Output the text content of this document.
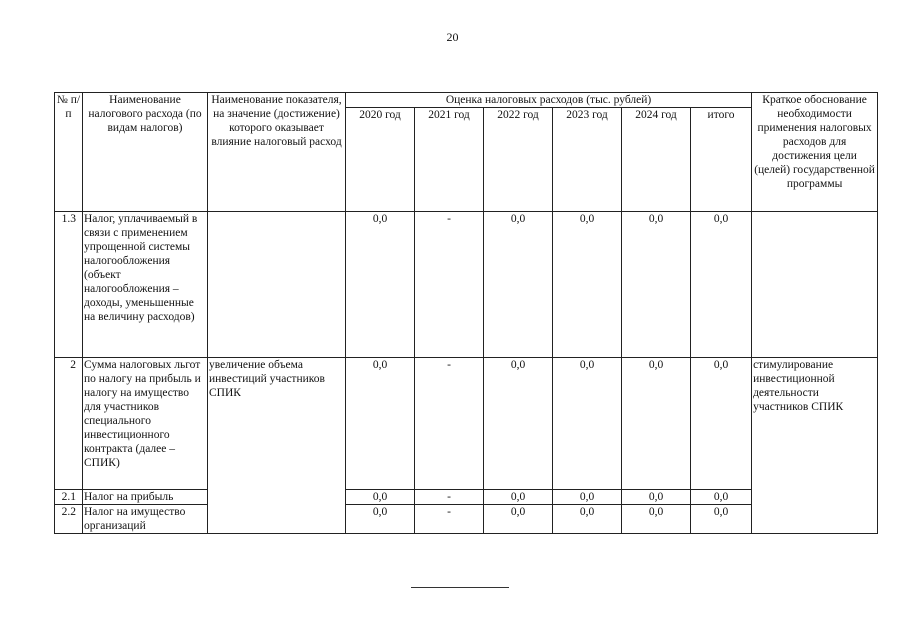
20
№ п/п	Наименование налогового расхода (по видам налогов)	Наименование показателя, на значение (достижение) которого оказывает влияние налоговый расход	Оценка налоговых расходов (тыс. рублей)						Краткое обоснование необходимости применения налоговых расходов для достижения цели (целей) государственной программы
			2020 год	2021 год	2022 год	2023 год	2024 год	итого	
1.3	Налог, уплачиваемый в связи с применением упрощенной системы налогообложения (объект налогообложения – доходы, уменьшенные на величину расходов)		0,0	-	0,0	0,0	0,0	0,0	
2	Сумма налоговых льгот по налогу на прибыль и налогу на имущество для участников специального инвестиционного контракта (далее – СПИК)	увеличение объема инвестиций участников СПИК	0,0	-	0,0	0,0	0,0	0,0	стимулирование инвестиционной деятельности участников СПИК
2.1	Налог на прибыль		0,0	-	0,0	0,0	0,0	0,0	
2.2	Налог на имущество организаций		0,0	-	0,0	0,0	0,0	0,0	
